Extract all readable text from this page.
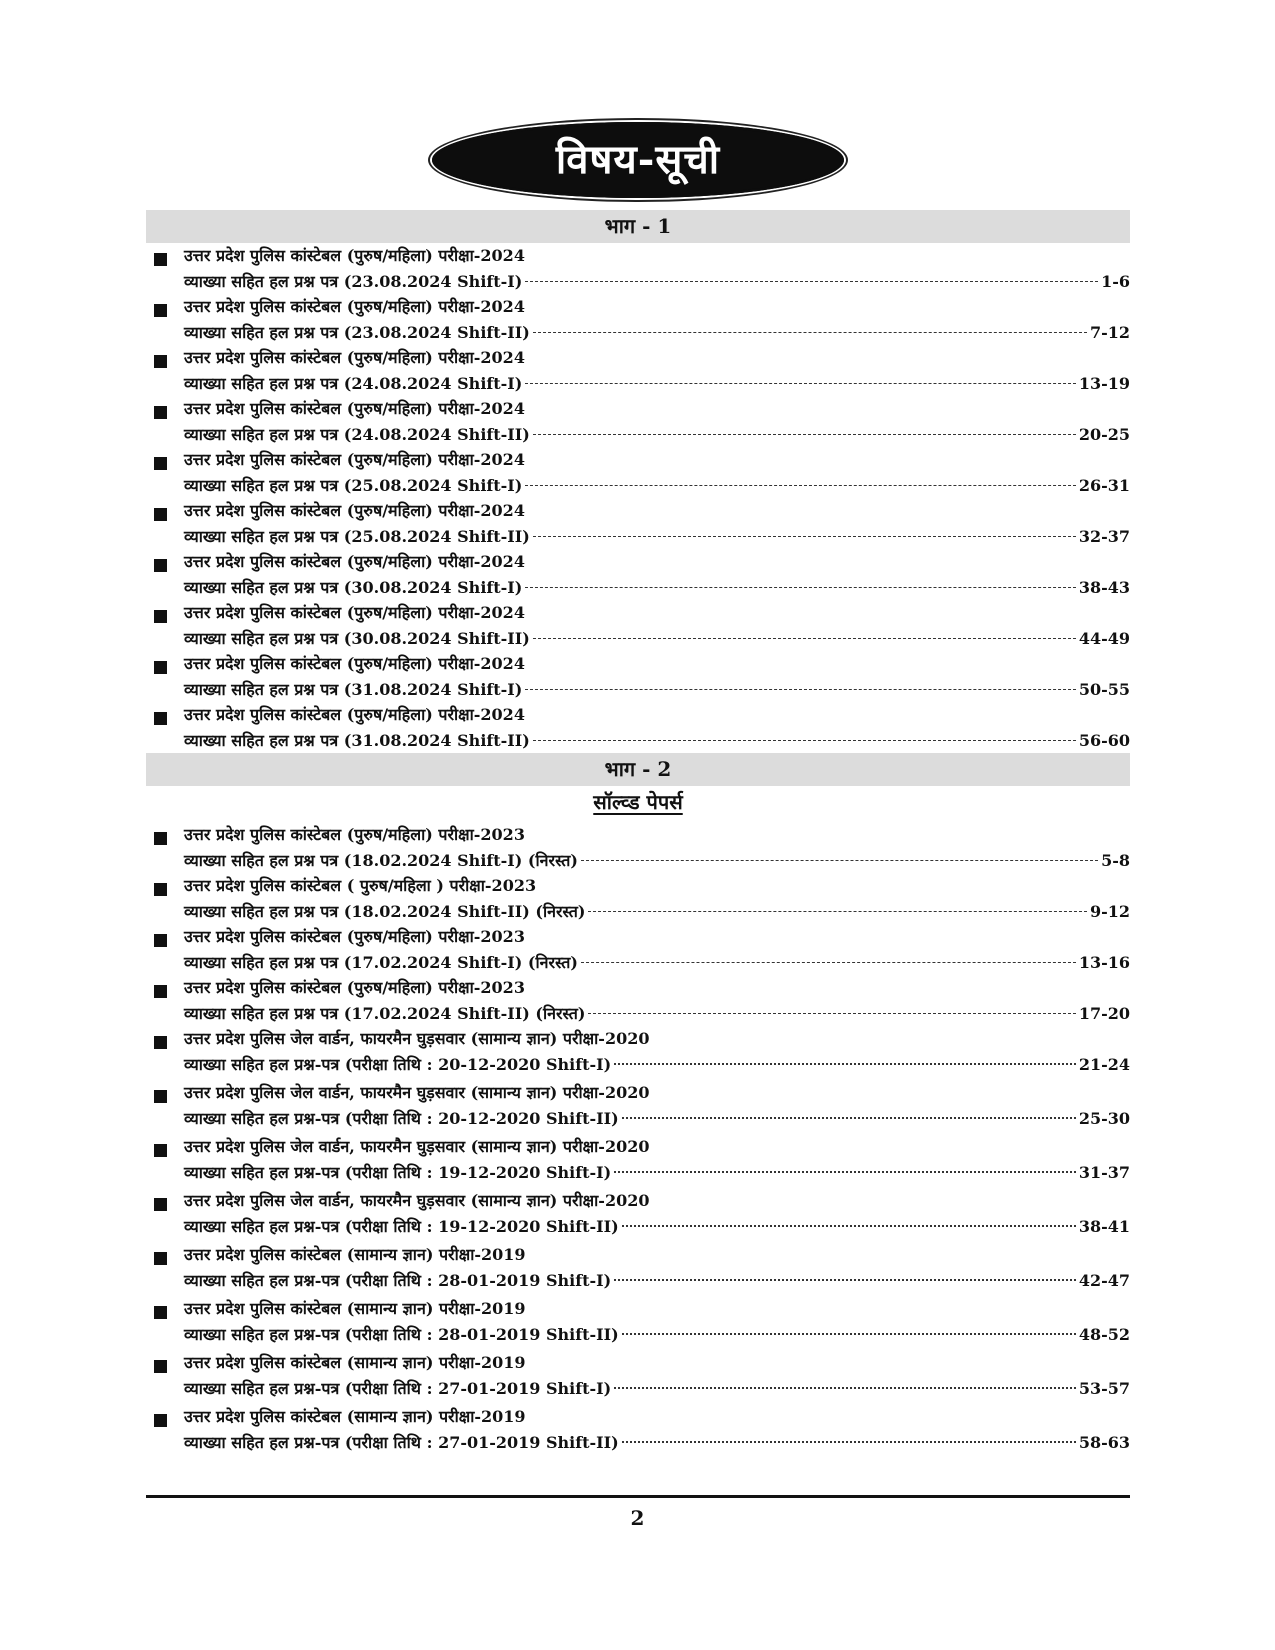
विषय-सूची
भाग - 1
उत्तर प्रदेश पुलिस कांस्टेबल (पुरुष/महिला) परीक्षा-2024
व्याख्या सहित हल प्रश्न पत्र (23.08.2024 Shift-I)	1-6
उत्तर प्रदेश पुलिस कांस्टेबल (पुरुष/महिला) परीक्षा-2024
व्याख्या सहित हल प्रश्न पत्र (23.08.2024 Shift-II)	7-12
उत्तर प्रदेश पुलिस कांस्टेबल (पुरुष/महिला) परीक्षा-2024
व्याख्या सहित हल प्रश्न पत्र (24.08.2024 Shift-I)	13-19
उत्तर प्रदेश पुलिस कांस्टेबल (पुरुष/महिला) परीक्षा-2024
व्याख्या सहित हल प्रश्न पत्र (24.08.2024 Shift-II)	20-25
उत्तर प्रदेश पुलिस कांस्टेबल (पुरुष/महिला) परीक्षा-2024
व्याख्या सहित हल प्रश्न पत्र (25.08.2024 Shift-I)	26-31
उत्तर प्रदेश पुलिस कांस्टेबल (पुरुष/महिला) परीक्षा-2024
व्याख्या सहित हल प्रश्न पत्र (25.08.2024 Shift-II)	32-37
उत्तर प्रदेश पुलिस कांस्टेबल (पुरुष/महिला) परीक्षा-2024
व्याख्या सहित हल प्रश्न पत्र (30.08.2024 Shift-I)	38-43
उत्तर प्रदेश पुलिस कांस्टेबल (पुरुष/महिला) परीक्षा-2024
व्याख्या सहित हल प्रश्न पत्र (30.08.2024 Shift-II)	44-49
उत्तर प्रदेश पुलिस कांस्टेबल (पुरुष/महिला) परीक्षा-2024
व्याख्या सहित हल प्रश्न पत्र (31.08.2024 Shift-I)	50-55
उत्तर प्रदेश पुलिस कांस्टेबल (पुरुष/महिला) परीक्षा-2024
व्याख्या सहित हल प्रश्न पत्र (31.08.2024 Shift-II)	56-60
भाग - 2
सॉल्व्ड पेपर्स
उत्तर प्रदेश पुलिस कांस्टेबल (पुरुष/महिला) परीक्षा-2023
व्याख्या सहित हल प्रश्न पत्र (18.02.2024 Shift-I) (निरस्त)	5-8
उत्तर प्रदेश पुलिस कांस्टेबल ( पुरुष/महिला ) परीक्षा-2023
व्याख्या सहित हल प्रश्न पत्र (18.02.2024 Shift-II) (निरस्त)	9-12
उत्तर प्रदेश पुलिस कांस्टेबल (पुरुष/महिला) परीक्षा-2023
व्याख्या सहित हल प्रश्न पत्र (17.02.2024 Shift-I) (निरस्त)	13-16
उत्तर प्रदेश पुलिस कांस्टेबल (पुरुष/महिला) परीक्षा-2023
व्याख्या सहित हल प्रश्न पत्र (17.02.2024 Shift-II) (निरस्त)	17-20
उत्तर प्रदेश पुलिस जेल वार्डन, फायरमैन घुड़सवार (सामान्य ज्ञान) परीक्षा-2020
व्याख्या सहित हल प्रश्न-पत्र (परीक्षा तिथि : 20-12-2020 Shift-I)	21-24
उत्तर प्रदेश पुलिस जेल वार्डन, फायरमैन घुड़सवार (सामान्य ज्ञान) परीक्षा-2020
व्याख्या सहित हल प्रश्न-पत्र (परीक्षा तिथि : 20-12-2020 Shift-II)	25-30
उत्तर प्रदेश पुलिस जेल वार्डन, फायरमैन घुड़सवार (सामान्य ज्ञान) परीक्षा-2020
व्याख्या सहित हल प्रश्न-पत्र (परीक्षा तिथि : 19-12-2020 Shift-I)	31-37
उत्तर प्रदेश पुलिस जेल वार्डन, फायरमैन घुड़सवार (सामान्य ज्ञान) परीक्षा-2020
व्याख्या सहित हल प्रश्न-पत्र (परीक्षा तिथि : 19-12-2020 Shift-II)	38-41
उत्तर प्रदेश पुलिस कांस्टेबल (सामान्य ज्ञान) परीक्षा-2019
व्याख्या सहित हल प्रश्न-पत्र (परीक्षा तिथि : 28-01-2019 Shift-I)	42-47
उत्तर प्रदेश पुलिस कांस्टेबल (सामान्य ज्ञान) परीक्षा-2019
व्याख्या सहित हल प्रश्न-पत्र (परीक्षा तिथि : 28-01-2019 Shift-II)	48-52
उत्तर प्रदेश पुलिस कांस्टेबल (सामान्य ज्ञान) परीक्षा-2019
व्याख्या सहित हल प्रश्न-पत्र (परीक्षा तिथि : 27-01-2019 Shift-I)	53-57
उत्तर प्रदेश पुलिस कांस्टेबल (सामान्य ज्ञान) परीक्षा-2019
व्याख्या सहित हल प्रश्न-पत्र (परीक्षा तिथि : 27-01-2019 Shift-II)	58-63
2
